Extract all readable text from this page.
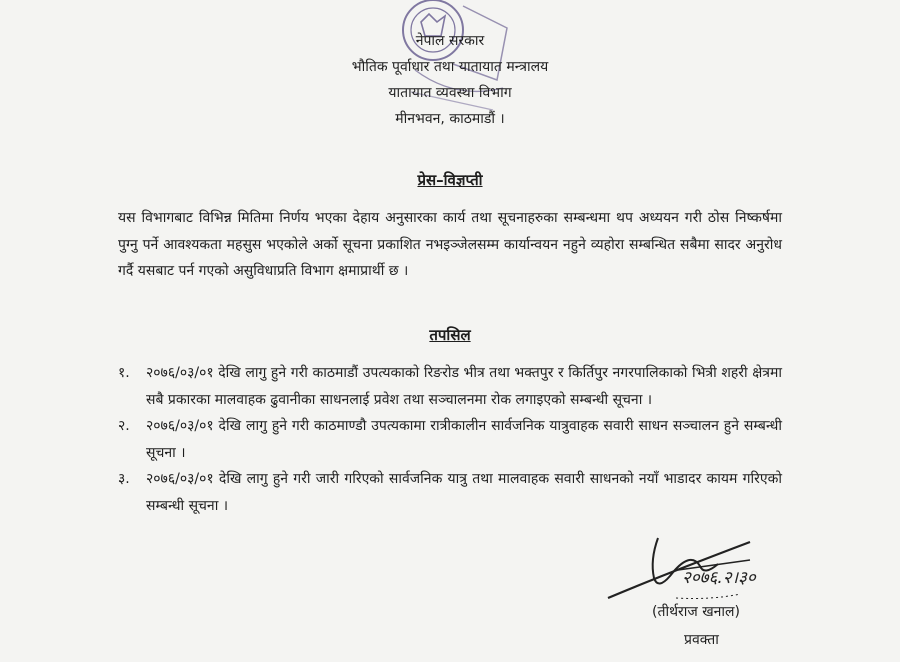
नेपाल सरकार
भौतिक पूर्वाधार तथा यातायात मन्त्रालय
यातायात व्यवस्था विभाग
मीनभवन, काठमाडौं ।
प्रेस–विज्ञप्ती
यस विभागबाट विभिन्न मितिमा निर्णय भएका देहाय अनुसारका कार्य तथा सूचनाहरुका सम्बन्धमा थप अध्ययन गरी ठोस निष्कर्षमा पुग्नु पर्ने आवश्यकता महसुस भएकोले अर्को सूचना प्रकाशित नभइञ्जेलसम्म कार्यान्वयन नहुने व्यहोरा सम्बन्धित सबैमा सादर अनुरोध गर्दै यसबाट पर्न गएको असुविधाप्रति विभाग क्षमाप्रार्थी छ ।
तपसिल
१.	२०७६/०३/०१ देखि लागु हुने गरी काठमाडौं उपत्यकाको रिङरोड भीत्र तथा भक्तपुर र किर्तिपुर नगरपालिकाको भित्री शहरी क्षेत्रमा सबै प्रकारका मालवाहक ढुवानीका साधनलाई प्रवेश तथा सञ्चालनमा रोक लगाइएको सम्बन्धी सूचना ।
२.	२०७६/०३/०१ देखि लागु हुने गरी काठमाण्डौ उपत्यकामा रात्रीकालीन सार्वजनिक यात्रुवाहक सवारी साधन सञ्चालन हुने सम्बन्धी सूचना ।
३.	२०७६/०३/०१ देखि लागु हुने गरी जारी गरिएको सार्वजनिक यात्रु तथा मालवाहक सवारी साधनको नयाँ भाडादर कायम गरिएको सम्बन्धी सूचना ।
२०७६.२।३०
(तीर्थराज खनाल)
प्रवक्ता
